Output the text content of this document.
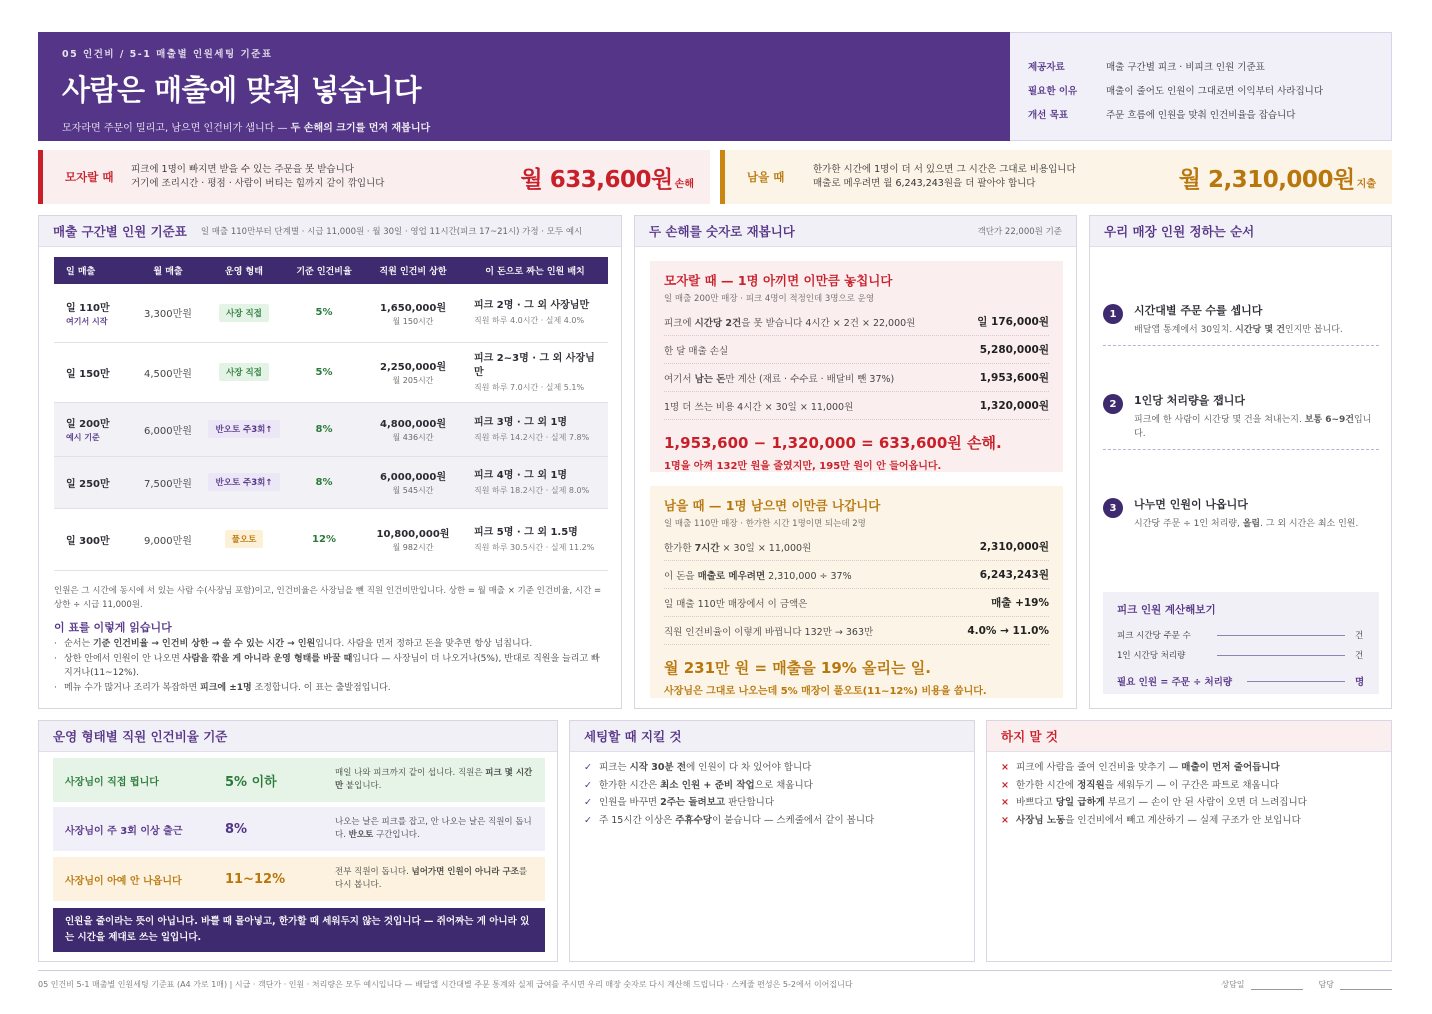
05 인건비 / 5-1 매출별 인원세팅 기준표
사람은 매출에 맞춰 넣습니다
모자라면 주문이 밀리고, 남으면 인건비가 샙니다 — 두 손해의 크기를 먼저 재봅니다
제공자료	매출 구간별 피크 · 비피크 인원 기준표
필요한 이유	매출이 줄어도 인원이 그대로면 이익부터 사라집니다
개선 목표	주문 흐름에 인원을 맞춰 인건비율을 잡습니다
모자랄 때
피크에 1명이 빠지면 받을 수 있는 주문을 못 받습니다
거기에 조리시간 · 평점 · 사람이 버티는 힘까지 같이 깎입니다	월 633,600원 손해	남을 때
한가한 시간에 1명이 더 서 있으면 그 시간은 그대로 비용입니다
매출로 메우려면 월 6,243,243원을 더 팔아야 합니다	월 2,310,000원 지출
매출 구간별 인원 기준표 일 매출 110만부터 단계별 · 시급 11,000원 · 월 30일 · 영업 11시간(피크 17~21시) 가정 · 모두 예시
일 매출	월 매출	운영 형태	기준 인건비율	직원 인건비 상한	이 돈으로 짜는 인원 배치
일 110만
여기서 시작	3,300만원	사장 직접	5%	1,650,000원
월 150시간	피크 2명 · 그 외 사장님만
직원 하루 4.0시간 · 실제 4.0%

일 150만	4,500만원	사장 직접	5%	2,250,000원
월 205시간	피크 2~3명 · 그 외 사장님만
직원 하루 7.0시간 · 실제 5.1%

일 200만
예시 기준	6,000만원	반오토 주3회↑	8%	4,800,000원
월 436시간	피크 3명 · 그 외 1명
직원 하루 14.2시간 · 실제 7.8%

일 250만	7,500만원	반오토 주3회↑	8%	6,000,000원
월 545시간	피크 4명 · 그 외 1명
직원 하루 18.2시간 · 실제 8.0%

일 300만	9,000만원	풀오토	12%	10,800,000원
월 982시간	피크 5명 · 그 외 1.5명
직원 하루 30.5시간 · 실제 11.2%
인원은 그 시간에 동시에 서 있는 사람 수(사장님 포함)이고, 인건비율은 사장님을 뺀 직원 인건비만입니다. 상한 = 월 매출 × 기준 인건비율, 시간 = 상한 ÷ 시급 11,000원.
이 표를 이렇게 읽습니다
· 순서는 기준 인건비율 → 인건비 상한 → 쓸 수 있는 시간 → 인원입니다. 사람을 먼저 정하고 돈을 맞추면 항상 넘칩니다.
· 상한 안에서 인원이 안 나오면 사람을 깎을 게 아니라 운영 형태를 바꿀 때입니다 — 사장님이 더 나오거나(5%), 반대로 직원을 늘리고 빠지거나(11~12%).
· 메뉴 수가 많거나 조리가 복잡하면 피크에 ±1명 조정합니다. 이 표는 출발점입니다.
두 손해를 숫자로 재봅니다	객단가 22,000원 기준
모자랄 때 — 1명 아끼면 이만큼 놓칩니다
일 매출 200만 매장 · 피크 4명이 적정인데 3명으로 운영
피크에 시간당 2건을 못 받습니다 4시간 × 2건 × 22,000원	일 176,000원
한 달 매출 손실	5,280,000원
여기서 남는 돈만 계산 (재료 · 수수료 · 배달비 뺀 37%)	1,953,600원
1명 더 쓰는 비용 4시간 × 30일 × 11,000원	1,320,000원
1,953,600 − 1,320,000 = 633,600원 손해.
1명을 아껴 132만 원을 줄였지만, 195만 원이 안 들어옵니다.
남을 때 — 1명 남으면 이만큼 나갑니다
일 매출 110만 매장 · 한가한 시간 1명이면 되는데 2명
한가한 7시간 × 30일 × 11,000원	2,310,000원
이 돈을 매출로 메우려면 2,310,000 ÷ 37%	6,243,243원
일 매출 110만 매장에서 이 금액은	매출 +19%
직원 인건비율이 이렇게 바뀝니다 132만 → 363만	4.0% → 11.0%
월 231만 원 = 매출을 19% 올리는 일.
사장님은 그대로 나오는데 5% 매장이 풀오토(11~12%) 비용을 씁니다.
우리 매장 인원 정하는 순서
1	시간대별 주문 수를 셉니다
배달앱 통계에서 30일치. 시간당 몇 건인지만 봅니다.
2	1인당 처리량을 잽니다
피크에 한 사람이 시간당 몇 건을 쳐내는지. 보통 6~9건입니다.
3	나누면 인원이 나옵니다
시간당 주문 ÷ 1인 처리량, 올림. 그 외 시간은 최소 인원.
피크 인원 계산해보기
피크 시간당 주문 수	건
1인 시간당 처리량	건
필요 인원 = 주문 ÷ 처리량	명
운영 형태별 직원 인건비율 기준
사장님이 직접 뜁니다	5% 이하
매일 나와 피크까지 같이 섭니다. 직원은 피크 몇 시간만 붙입니다.
사장님이 주 3회 이상 출근	8%	나오는 날은 피크를 잡고, 안 나오는 날은 직원이 돕니다. 반오토 구간입니다.
사장님이 아예 안 나옵니다	11~12%	전부 직원이 돕니다. 넘어가면 인원이 아니라 구조를 다시 봅니다.
인원을 줄이라는 뜻이 아닙니다. 바쁠 때 몰아넣고, 한가할 때 세워두지 않는 것입니다 — 쥐어짜는 게 아니라 있는 시간을 제대로 쓰는 일입니다.
세팅할 때 지킬 것
✓ 피크는 시작 30분 전에 인원이 다 차 있어야 합니다
✓ 한가한 시간은 최소 인원 + 준비 작업으로 채웁니다
✓ 인원을 바꾸면 2주는 돌려보고 판단합니다
✓ 주 15시간 이상은 주휴수당이 붙습니다 — 스케줄에서 같이 봅니다
하지 말 것
× 피크에 사람을 줄여 인건비율 맞추기 — 매출이 먼저 줄어듭니다
× 한가한 시간에 정직원을 세워두기 — 이 구간은 파트로 채웁니다
× 바쁘다고 당일 급하게 부르기 — 손이 안 된 사람이 오면 더 느려집니다
× 사장님 노동을 인건비에서 빼고 계산하기 — 실제 구조가 안 보입니다
05 인건비 5-1 매출별 인원세팅 기준표 (A4 가로 1매) | 시급 · 객단가 · 인원 · 처리량은 모두 예시입니다 — 배달앱 시간대별 주문 통계와 실제 급여를 주시면 우리 매장 숫자로 다시 계산해 드립니다 · 스케줄 편성은 5-2에서 이어집니다	상담일	담당
